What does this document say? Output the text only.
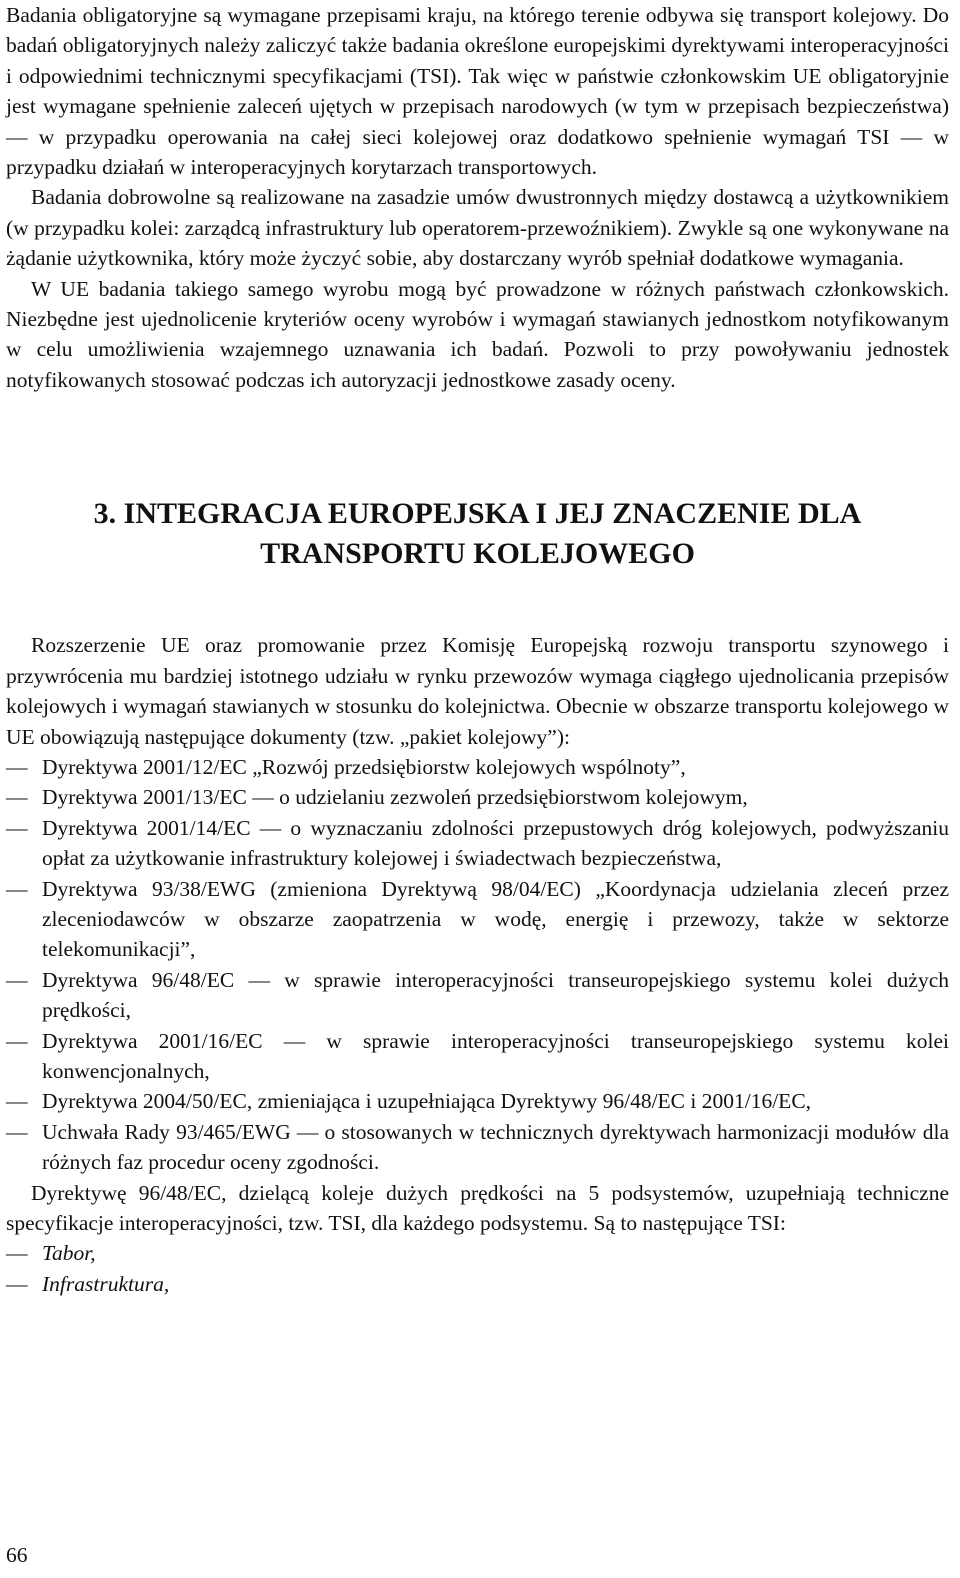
Badania obligatoryjne są wymagane przepisami kraju, na którego terenie odbywa się transport kolejowy. Do badań obligatoryjnych należy zaliczyć także badania określone europejskimi dyrektywami interoperacyjności i odpowiednimi technicznymi specyfikacjami (TSI). Tak więc w państwie członkowskim UE obligatoryjnie jest wymagane spełnienie zaleceń ujętych w przepisach narodowych (w tym w przepisach bezpieczeństwa) — w przypadku operowania na całej sieci kolejowej oraz dodatkowo spełnienie wymagań TSI — w przypadku działań w interoperacyjnych korytarzach transportowych.

Badania dobrowolne są realizowane na zasadzie umów dwustronnych między dostawcą a użytkownikiem (w przypadku kolei: zarządcą infrastruktury lub operatorem-przewoźnikiem). Zwykle są one wykonywane na żądanie użytkownika, który może życzyć sobie, aby dostarczany wyrób spełniał dodatkowe wymagania.

W UE badania takiego samego wyrobu mogą być prowadzone w różnych państwach członkowskich. Niezbędne jest ujednolicenie kryteriów oceny wyrobów i wymagań stawianych jednostkom notyfikowanym w celu umożliwienia wzajemnego uznawania ich badań. Pozwoli to przy powoływaniu jednostek notyfikowanych stosować podczas ich autoryzacji jednostkowe zasady oceny.

3. INTEGRACJA EUROPEJSKA I JEJ ZNACZENIE DLA
TRANSPORTU KOLEJOWEGO

Rozszerzenie UE oraz promowanie przez Komisję Europejską rozwoju transportu szynowego i przywrócenia mu bardziej istotnego udziału w rynku przewozów wymaga ciągłego ujednolicania przepisów kolejowych i wymagań stawianych w stosunku do kolejnictwa. Obecnie w obszarze transportu kolejowego w UE obowiązują następujące dokumenty (tzw. „pakiet kolejowy”):

— Dyrektywa 2001/12/EC „Rozwój przedsiębiorstw kolejowych wspólnoty”,
— Dyrektywa 2001/13/EC — o udzielaniu zezwoleń przedsiębiorstwom kolejowym,
— Dyrektywa 2001/14/EC — o wyznaczaniu zdolności przepustowych dróg kolejowych, podwyższaniu opłat za użytkowanie infrastruktury kolejowej i świadectwach bezpieczeństwa,
— Dyrektywa 93/38/EWG (zmieniona Dyrektywą 98/04/EC) „Koordynacja udzielania zleceń przez zleceniodawców w obszarze zaopatrzenia w wodę, energię i przewozy, także w sektorze telekomunikacji”,
— Dyrektywa 96/48/EC — w sprawie interoperacyjności transeuropejskiego systemu kolei dużych prędkości,
— Dyrektywa 2001/16/EC — w sprawie interoperacyjności transeuropejskiego systemu kolei konwencjonalnych,
— Dyrektywa 2004/50/EC, zmieniająca i uzupełniająca Dyrektywy 96/48/EC i 2001/16/EC,
— Uchwała Rady 93/465/EWG — o stosowanych w technicznych dyrektywach harmonizacji modułów dla różnych faz procedur oceny zgodności.

Dyrektywę 96/48/EC, dzielącą koleje dużych prędkości na 5 podsystemów, uzupełniają techniczne specyfikacje interoperacyjności, tzw. TSI, dla każdego podsystemu. Są to następujące TSI:

— Tabor,
— Infrastruktura,
66
